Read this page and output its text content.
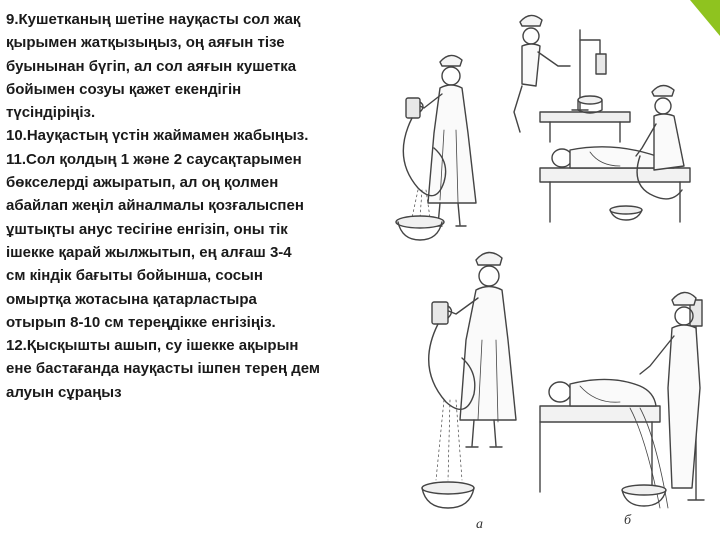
9.Кушетканың шетіне науқасты сол жақ
қырымен жатқызыңыз, оң аяғын тізе
буынынан бүгіп, ал сол аяғын кушетка
бойымен созуы қажет екендігін
түсіндіріңіз.
10.Науқастың үстін жаймамен жабыңыз.
11.Сол қолдың 1 және 2 саусақтарымен
бөкселерді ажыратып, ал оң қолмен
абайлап жеңіл айналмалы қозғалыспен
ұштықты анус тесігіне енгізіп, оны тік
ішекке қарай жылжытып, ең алғаш 3-4
см кіндік бағыты бойынша, сосын
омыртқа жотасына қатарластыра
отырып 8-10 см тереңдікке енгізіңіз.
12.Қысқышты ашып, су ішекке ақырын
ене бастағанда науқасты ішпен терең дем
алуын сұраңыз
а	б
